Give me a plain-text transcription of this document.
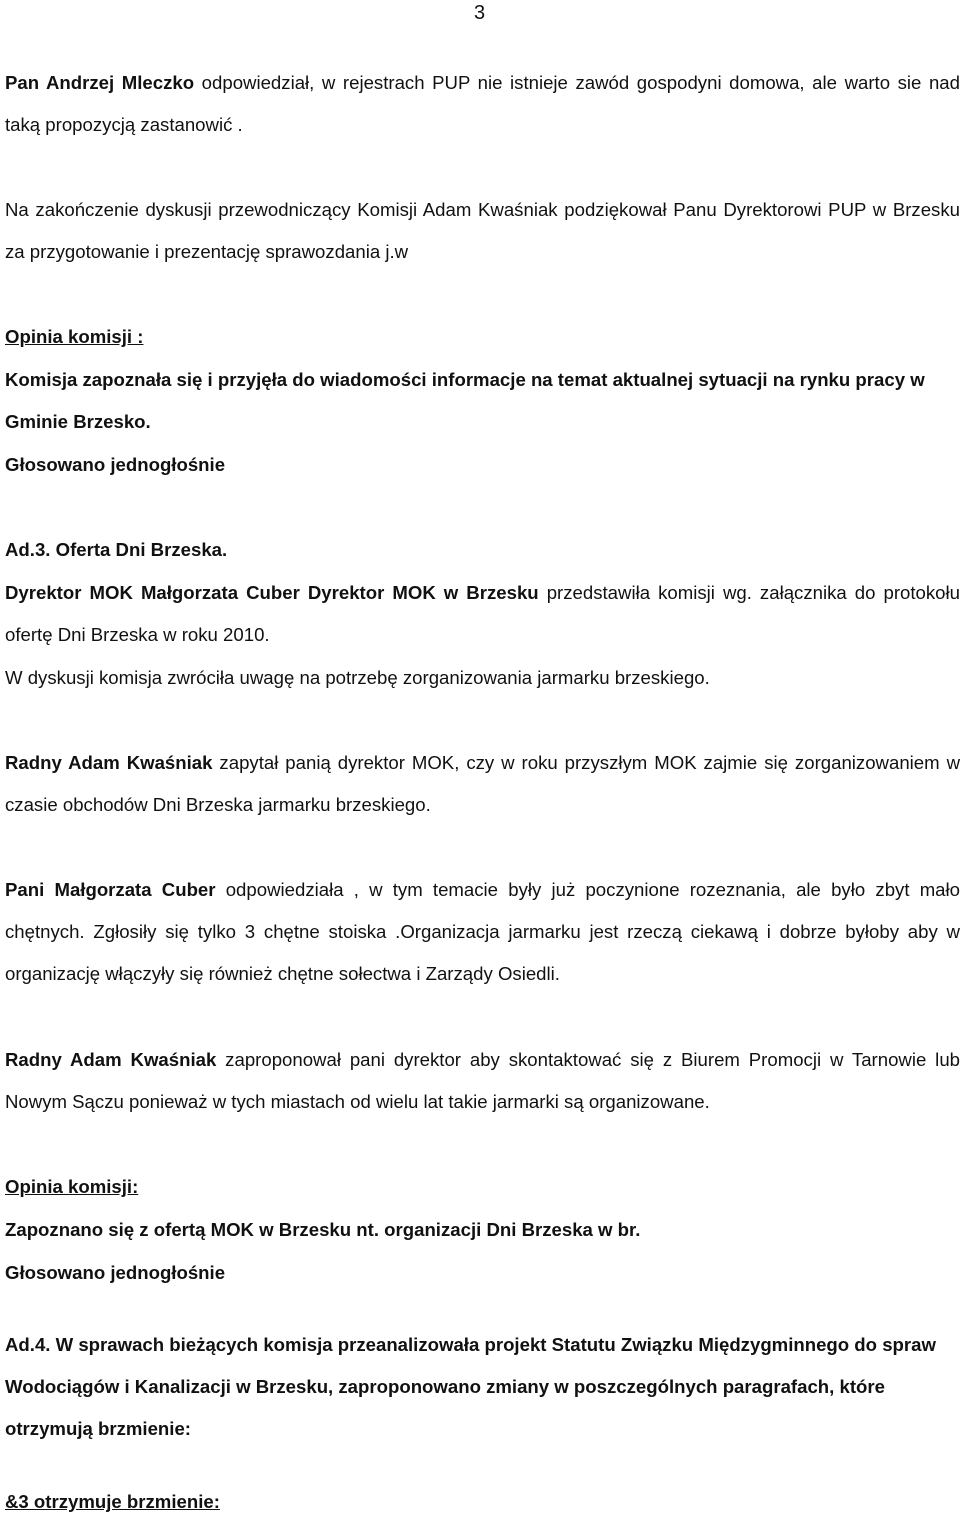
3

Pan Andrzej Mleczko odpowiedział, w rejestrach PUP nie istnieje zawód gospodyni domowa, ale warto sie nad taką propozycją zastanowić .

Na zakończenie dyskusji przewodniczący Komisji Adam Kwaśniak podziękował Panu Dyrektorowi PUP w Brzesku za przygotowanie i prezentację sprawozdania j.w

Opinia komisji :

Komisja zapoznała się i przyjęła do wiadomości informacje na temat aktualnej sytuacji na rynku pracy w Gminie Brzesko.

Głosowano jednogłośnie

Ad.3. Oferta Dni Brzeska.

Dyrektor MOK Małgorzata Cuber Dyrektor MOK w Brzesku przedstawiła komisji wg. załącznika do protokołu ofertę Dni Brzeska w roku 2010.

W dyskusji komisja zwróciła uwagę na potrzebę zorganizowania jarmarku brzeskiego.

Radny Adam Kwaśniak zapytał panią dyrektor MOK, czy w roku przyszłym MOK zajmie się zorganizowaniem w czasie obchodów Dni Brzeska jarmarku brzeskiego.

Pani Małgorzata Cuber odpowiedziała , w tym temacie były już poczynione rozeznania, ale było zbyt mało chętnych. Zgłosiły się tylko 3 chętne stoiska .Organizacja jarmarku jest rzeczą ciekawą i dobrze byłoby aby w organizację włączyły się również chętne sołectwa i Zarządy Osiedli.

Radny Adam Kwaśniak zaproponował pani dyrektor aby skontaktować się z Biurem Promocji w Tarnowie lub Nowym Sączu ponieważ w tych miastach od wielu lat takie jarmarki są organizowane.

Opinia komisji:

Zapoznano się z ofertą MOK w Brzesku nt. organizacji Dni Brzeska w br.

Głosowano jednogłośnie

Ad.4. W sprawach bieżących komisja przeanalizowała projekt Statutu Związku Międzygminnego do spraw Wodociągów i Kanalizacji w Brzesku, zaproponowano zmiany w poszczególnych paragrafach, które otrzymują brzmienie:

&3 otrzymuje brzmienie:
